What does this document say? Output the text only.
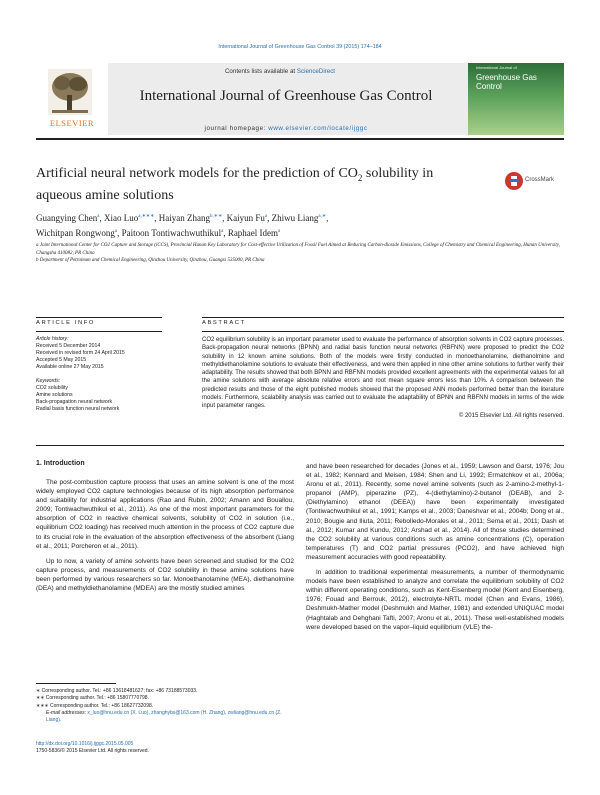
International Journal of Greenhouse Gas Control 39 (2015) 174–184
ELSEVIER
Contents lists available at ScienceDirect
International Journal of Greenhouse Gas Control
journal homepage: www.elsevier.com/locate/ijggc
International Journal of
Greenhouse Gas Control
Artificial neural network models for the prediction of $CO_2$ solubility in aqueous amine solutions
CrossMark
Guangying Chen$^a$, Xiao Luo$^{a,∗∗∗}$, Haiyan Zhang$^{b,∗∗}$, Kaiyun Fu$^a$, Zhiwu Liang$^{a,∗}$,
Wichitpan Rongwong$^a$, Paitoon Tontiwachwuthikul$^a$, Raphael Idem$^a$
a Joint International Center for CO2 Capture and Storage (iCCS), Provincial Hunan Key Laboratory for Cost-effective Utilization of Fossil Fuel Aimed at Reducing Carbon-dioxide Emissions, College of Chemistry and Chemical Engineering, Hunan University, Changsha 410082, PR China
b Department of Petroleum and Chemical Engineering, Qinzhou University, Qinzhou, Guangxi 535000, PR China
ARTICLE INFO	ABSTRACT
Article history:
Received 5 December 2014
Received in revised form 24 April 2015
Accepted 5 May 2015
Available online 27 May 2015
Keywords:
CO2 solubility
Amine solutions
Back-propagation neural network
Radial basis function neural network
CO2 equilibrium solubility is an important parameter used to evaluate the performance of absorption solvents in CO2 capture processes. Back-propagation neural networks (BPNN) and radial basis function neural networks (RBFNN) were proposed to predict the CO2 solubility in 12 known amine solutions. Both of the models were firstly conducted in monoethanolamine, diethanolmine and methyldiethanolamine solutions to evaluate their effectiveness, and were then applied in nine other amine solutions to further verify their adaptability. The results showed that both BPNN and RBFNN models provided excellent agreements with the experimental values for all the amine solutions with average absolute relative errors and root mean square errors less than 10%. A comparison between the predicted results and those of the eight published models showed that the proposed ANN models performed better than the literature models. Furthermore, scalability analysis was carried out to evaluate the adaptability of BPNN and RBFNN models in terms of the wide input parameter ranges.
© 2015 Elsevier Ltd. All rights reserved.
1. Introduction

The post-combustion capture process that uses an amine solvent is one of the most widely employed CO2 capture technologies because of its high absorption performance and suitability for industrial applications (Rao and Rubin, 2002; Amann and Bouallou, 2009; Tontiwachwuthikul et al., 2011). As one of the most important parameters for the absorption of CO2 in reactive chemical solvents, solubility of CO2 in solution (i.e., equilibrium CO2 loading) has received much attention in the process of CO2 capture due to its crucial role in the evaluation of the absorption effectiveness of the absorbent (Liang et al., 2011; Porcheron et al., 2011).

Up to now, a variety of amine solvents have been screened and studied for the CO2 capture process, and measurements of CO2 solubility in these amine solutions have been performed by various researchers so far. Monoethanolamine (MEA), diethanolmine (DEA) and methyldiethanolamine (MDEA) are the mostly studied amines

and have been researched for decades (Jones et al., 1959; Lawson and Garst, 1976; Jou et al., 1982; Kennard and Meisen, 1984; Shen and Li, 1992; Ermatchkov et al., 2006a; Aronu et al., 2011). Recently, some novel amine solvents (such as 2-amino-2-methyl-1-propanol (AMP), piperazine (PZ), 4-(diethylamino)-2-butanol (DEAB), and 2-(Diethylamino) ethanol (DEEA)) have been experimentally investigated (Tontiwachwuthikul et al., 1991; Kamps et al., 2003; Daneshvar et al., 2004b; Dong et al., 2010; Bougie and Iliuta, 2011; Rebolledo-Morales et al., 2011; Sema et al., 2011; Dash et al., 2012; Kumar and Kundu, 2012; Arshad et al., 2014). All of those studies determined the CO2 solubility at various conditions such as amine concentrations (C), operation temperatures (T) and CO2 partial pressures (PCO2), and have achieved high measurement accuracies with good repeatability.

In addition to traditional experimental measurements, a number of thermodynamic models have been established to analyze and correlate the equilibrium solubility of CO2 within different operating conditions, such as Kent-Eisenberg model (Kent and Eisenberg, 1976; Fouad and Berrouk, 2012), electrolyte-NRTL model (Chen and Evans, 1986), Deshmukh-Mather model (Deshmukh and Mather, 1981) and extended UNIQUAC model (Haghtalab and Dehghani Tafti, 2007; Aronu et al., 2011). These well-established models were developed based on the vapor–liquid equilibrium (VLE) the-

∗ Corresponding author. Tel.: +86 13618481627; fax: +86 73188573033.
∗∗ Corresponding author. Tel.: +86 15807770798.
∗∗∗ Corresponding author. Tel.: +86 18627732098.
E-mail addresses: x_luo@hnu.edu.cn (X. Luo), zhanghybs@163.com (H. Zhang), zwliang@hnu.edu.cn (Z. Liang).
http://dx.doi.org/10.1016/j.ijggc.2015.05.005
1750-5836/© 2015 Elsevier Ltd. All rights reserved.
